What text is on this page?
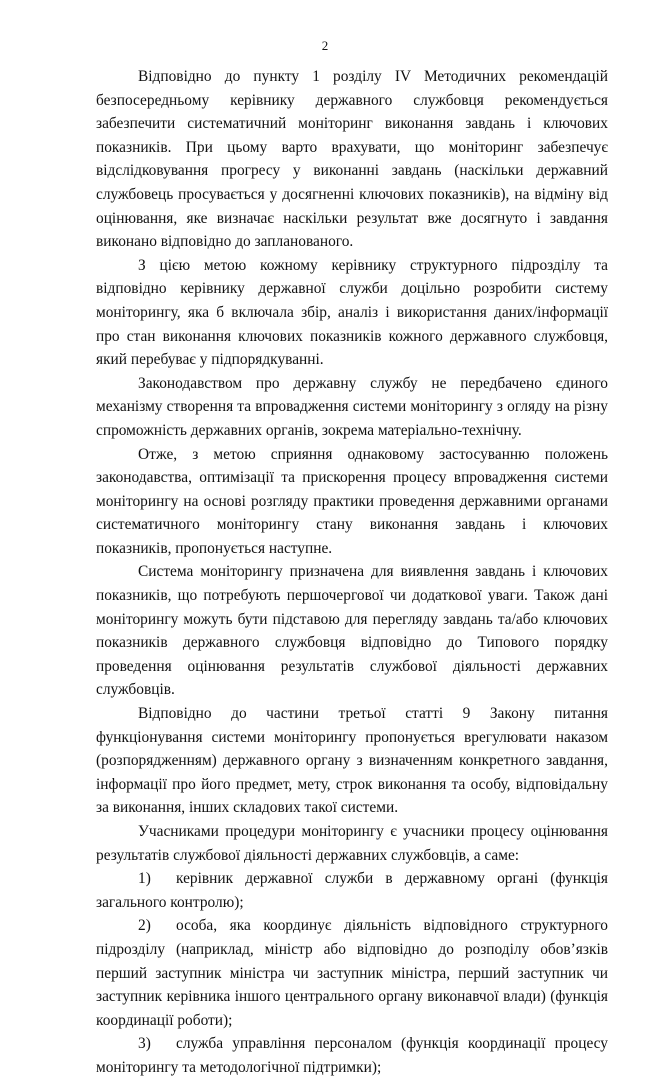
2

Відповідно до пункту 1 розділу IV Методичних рекомендацій безпосередньому керівнику державного службовця рекомендується забезпечити систематичний моніторинг виконання завдань і ключових показників. При цьому варто врахувати, що моніторинг забезпечує відслідковування прогресу у виконанні завдань (наскільки державний службовець просувається у досягненні ключових показників), на відміну від оцінювання, яке визначає наскільки результат вже досягнуто і завдання виконано відповідно до запланованого.

З цією метою кожному керівнику структурного підрозділу та відповідно керівнику державної служби доцільно розробити систему моніторингу, яка б включала збір, аналіз і використання даних/інформації про стан виконання ключових показників кожного державного службовця, який перебуває у підпорядкуванні.

Законодавством про державну службу не передбачено єдиного механізму створення та впровадження системи моніторингу з огляду на різну спроможність державних органів, зокрема матеріально-технічну.

Отже, з метою сприяння однаковому застосуванню положень законодавства, оптимізації та прискорення процесу впровадження системи моніторингу на основі розгляду практики проведення державними органами систематичного моніторингу стану виконання завдань і ключових показників, пропонується наступне.

Система моніторингу призначена для виявлення завдань і ключових показників, що потребують першочергової чи додаткової уваги. Також дані моніторингу можуть бути підставою для перегляду завдань та/або ключових показників державного службовця відповідно до Типового порядку проведення оцінювання результатів службової діяльності державних службовців.

Відповідно до частини третьої статті 9 Закону питання функціонування системи моніторингу пропонується врегулювати наказом (розпорядженням) державного органу з визначенням конкретного завдання, інформації про його предмет, мету, строк виконання та особу, відповідальну за виконання, інших складових такої системи.

Учасниками процедури моніторингу є учасники процесу оцінювання результатів службової діяльності державних службовців, а саме:

1) керівник державної служби в державному органі (функція загального контролю);

2) особа, яка координує діяльність відповідного структурного підрозділу (наприклад, міністр або відповідно до розподілу обов’язків перший заступник міністра чи заступник міністра, перший заступник чи заступник керівника іншого центрального органу виконавчої влади) (функція координації роботи);

3) служба управління персоналом (функція координації процесу моніторингу та методологічної підтримки);
